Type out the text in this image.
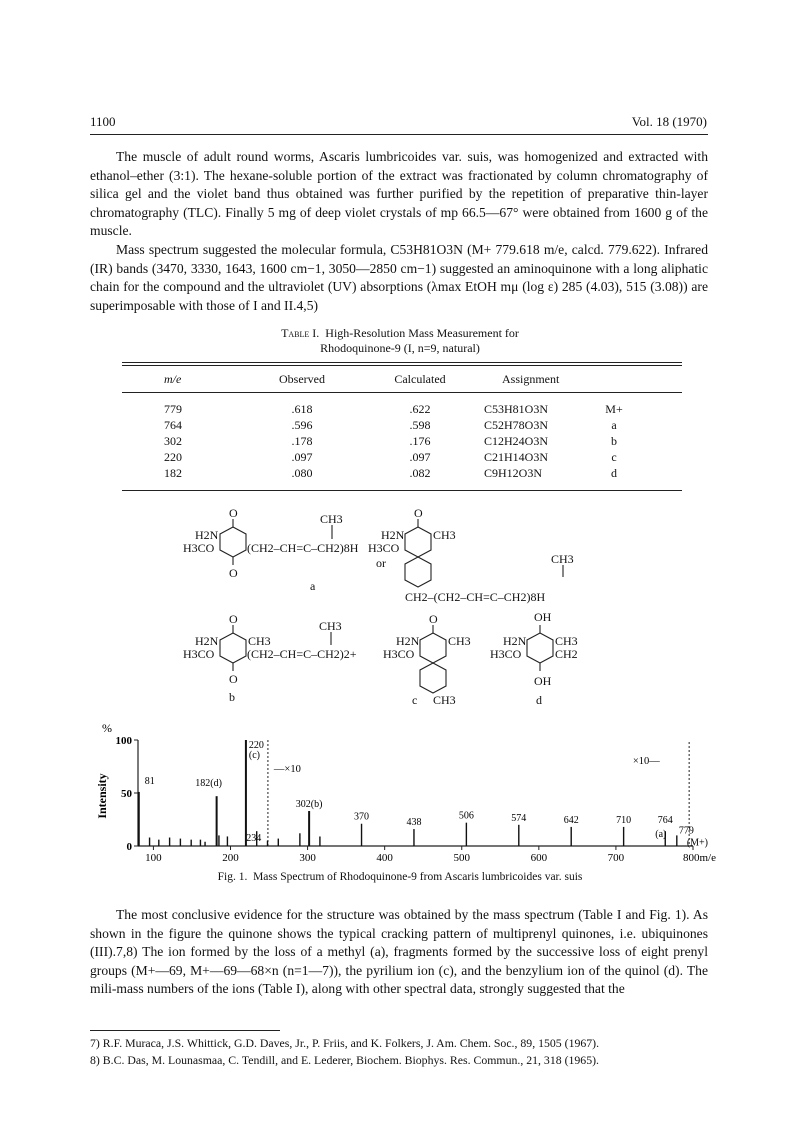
1100	Vol. 18 (1970)

The muscle of adult round worms, Ascaris lumbricoides var. suis, was homogenized and extracted with ethanol–ether (3:1). The hexane-soluble portion of the extract was fractionated by column chromatography of silica gel and the violet band thus obtained was further purified by the repetition of preparative thin-layer chromatography (TLC). Finally 5 mg of deep violet crystals of mp 66.5—67° were obtained from 1600 g of the muscle.

Mass spectrum suggested the molecular formula, C53H81O3N (M+ 779.618 m/e, calcd. 779.622). Infrared (IR) bands (3470, 3330, 1643, 1600 cm−1, 3050—2850 cm−1) suggested an aminoquinone with a long aliphatic chain for the compound and the ultraviolet (UV) absorptions (λmax EtOH mμ (log ε) 285 (4.03), 515 (3.08)) are superimposable with those of I and II.4,5)

Table I. High-Resolution Mass Measurement for
Rhodoquinone-9 (I, n=9, natural)
m/e	Observed	Calculated	Assignment
779	.618	.622	C53H81O3N	M+
764	.596	.598	C52H78O3N	a
302	.178	.176	C12H24O3N	b
220	.097	.097	C21H14O3N	c
182	.080	.082	C9H12O3N	d
O
O
H2N
H3CO
CH3
(CH2–CH=C–CH2)8H
a
or
O
H2N
H3CO
CH3
CH3
CH2–(CH2–CH=C–CH2)8H
O
O
H2N
H3CO
CH3
CH3
(CH2–CH=C–CH2)2+
b
O
H2N
H3CO
CH3
CH3
c
OH
OH
H2N
H3CO
CH3
CH2
d
0
50
100
%
Intensity
100	200	300	400	500	600	700	800m/e
81	182(d)
220
234
302(b)
370	438
506	574	642	710	764
779
(c)
—×10
×10—
(a)
(M+)
Fig. 1. Mass Spectrum of Rhodoquinone-9 from Ascaris lumbricoides var. suis

The most conclusive evidence for the structure was obtained by the mass spectrum (Table I and Fig. 1). As shown in the figure the quinone shows the typical cracking pattern of multiprenyl quinones, i.e. ubiquinones (III).7,8) The ion formed by the loss of a methyl (a), fragments formed by the successive loss of eight prenyl groups (M+—69, M+—69—68×n (n=1—7)), the pyrilium ion (c), and the benzylium ion of the quinol (d). The mili-mass numbers of the ions (Table I), along with other spectral data, strongly suggested that the

7) R.F. Muraca, J.S. Whittick, G.D. Daves, Jr., P. Friis, and K. Folkers, J. Am. Chem. Soc., 89, 1505 (1967).

8) B.C. Das, M. Lounasmaa, C. Tendill, and E. Lederer, Biochem. Biophys. Res. Commun., 21, 318 (1965).
